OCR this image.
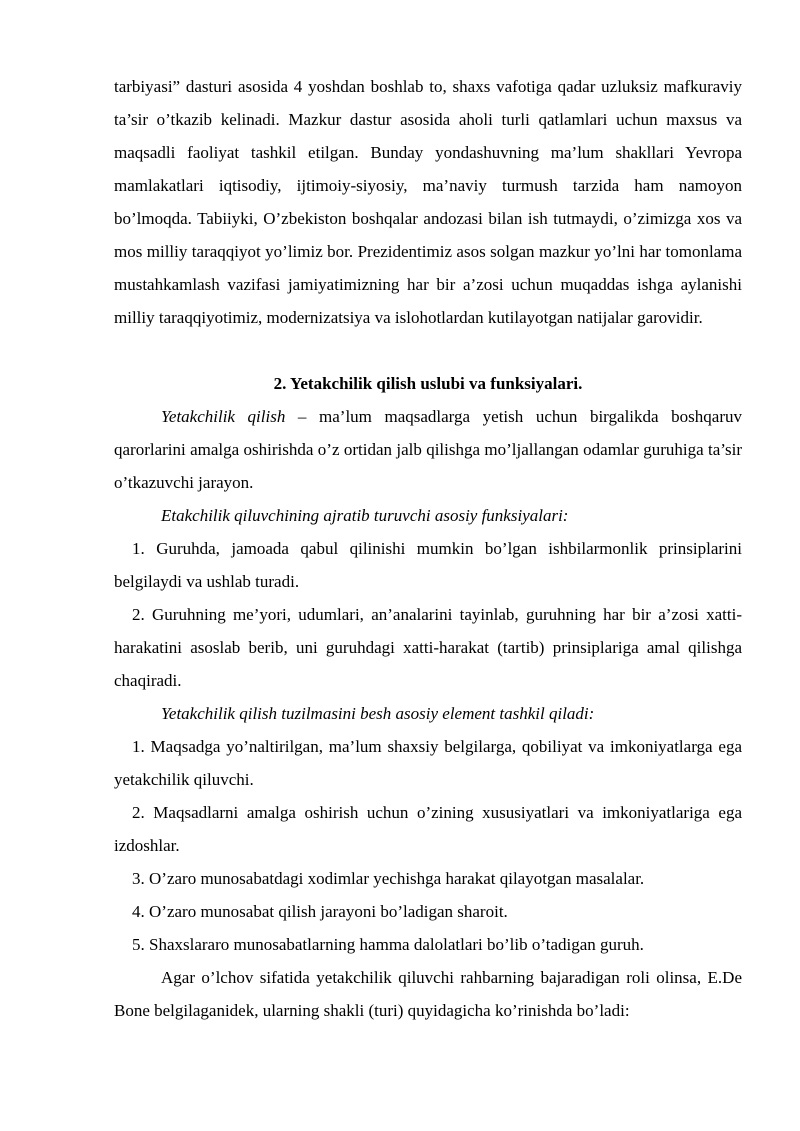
tarbiyasi” dasturi asosida 4 yoshdan boshlab to, shaxs vafotiga qadar uzluksiz mafkuraviy ta’sir o’tkazib kelinadi. Mazkur dastur asosida aholi turli qatlamlari uchun maxsus va maqsadli faoliyat tashkil etilgan. Bunday yondashuvning ma’lum shakllari Yevropa mamlakatlari iqtisodiy, ijtimoiy-siyosiy, ma’naviy turmush tarzida ham namoyon bo’lmoqda. Tabiiyki, O’zbekiston boshqalar andozasi bilan ish tutmaydi, o’zimizga xos va mos milliy taraqqiyot yo’limiz bor. Prezidentimiz asos solgan mazkur yo’lni har tomonlama mustahkamlash vazifasi jamiyatimizning har bir a’zosi uchun muqaddas ishga aylanishi milliy taraqqiyotimiz, modernizatsiya va islohotlardan kutilayotgan natijalar garovidir.

2. Yetakchilik qilish uslubi va funksiyalari.

Yetakchilik qilish – ma’lum maqsadlarga yetish uchun birgalikda boshqaruv qarorlarini amalga oshirishda o’z ortidan jalb qilishga mo’ljallangan odamlar guruhiga ta’sir o’tkazuvchi jarayon.

Etakchilik qiluvchining ajratib turuvchi asosiy funksiyalari:

1. Guruhda, jamoada qabul qilinishi mumkin bo’lgan ishbilarmonlik prinsiplarini belgilaydi va ushlab turadi.

2. Guruhning me’yori, udumlari, an’analarini tayinlab, guruhning har bir a’zosi xatti- harakatini asoslab berib, uni guruhdagi xatti-harakat (tartib) prinsiplariga amal qilishga chaqiradi.

Yetakchilik qilish tuzilmasini besh asosiy element tashkil qiladi:

1. Maqsadga yo’naltirilgan, ma’lum shaxsiy belgilarga, qobiliyat va imkoniyatlarga ega yetakchilik qiluvchi.

2. Maqsadlarni amalga oshirish uchun o’zining xususiyatlari va imkoniyatlariga ega izdoshlar.

3. O’zaro munosabatdagi xodimlar yechishga harakat qilayotgan masalalar.

4. O’zaro munosabat qilish jarayoni bo’ladigan sharoit.

5. Shaxslararo munosabatlarning hamma dalolatlari bo’lib o’tadigan guruh.

Agar o’lchov sifatida yetakchilik qiluvchi rahbarning bajaradigan roli olinsa, E.De Bone belgilaganidek, ularning shakli (turi) quyidagicha ko’rinishda bo’ladi:
